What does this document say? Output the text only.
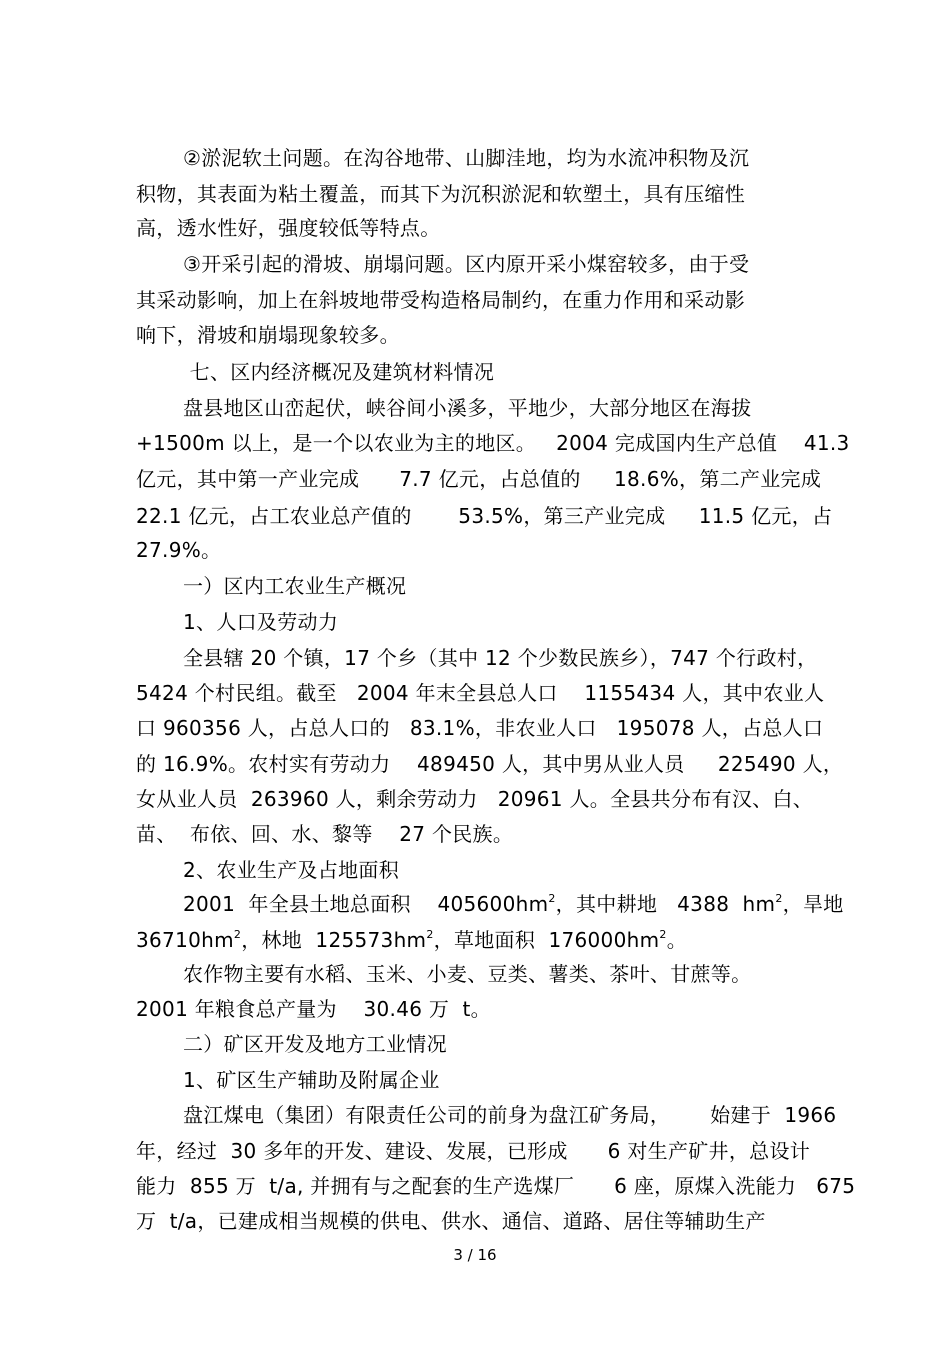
②淤泥软土问题。在沟谷地带、山脚洼地，均为水流冲积物及沉
积物，其表面为粘土覆盖，而其下为沉积淤泥和软塑土，具有压缩性
高，透水性好，强度较低等特点。
③开采引起的滑坡、崩塌问题。区内原开采小煤窑较多，由于受
其采动影响，加上在斜坡地带受构造格局制约，在重力作用和采动影
响下，滑坡和崩塌现象较多。
七、区内经济概况及建筑材料情况
盘县地区山峦起伏，峡谷间小溪多，平地少，大部分地区在海拔
+1500m 以上，是一个以农业为主的地区。   2004 完成国内生产总值    41.3
亿元，其中第一产业完成      7.7 亿元，占总值的     18.6%，第二产业完成
22.1 亿元，占工农业总产值的       53.5%，第三产业完成     11.5 亿元，占
27.9%。
一）区内工农业生产概况
1、人口及劳动力
全县辖 20 个镇，17 个乡（其中 12 个少数民族乡），747 个行政村，
5424 个村民组。截至   2004 年末全县总人口    1155434 人，其中农业人
口 960356 人，占总人口的   83.1%，非农业人口   195078 人，占总人口
的 16.9%。农村实有劳动力    489450 人，其中男从业人员     225490 人，
女从业人员  263960 人，剩余劳动力   20961 人。全县共分布有汉、白、
苗、  布依、回、水、黎等    27 个民族。
2、农业生产及占地面积
2001  年全县土地总面积    $405600hm^2$，其中耕地   4388  $hm^2$，旱地
$36710hm^2$，林地  $125573hm^2$，草地面积  $176000hm^2$。
农作物主要有水稻、玉米、小麦、豆类、薯类、茶叶、甘蔗等。
2001 年粮食总产量为    30.46 万  t。
二）矿区开发及地方工业情况
1、矿区生产辅助及附属企业
盘江煤电（集团）有限责任公司的前身为盘江矿务局，      始建于  1966
年，经过  30 多年的开发、建设、发展，已形成      6 对生产矿井，总设计
能力  855 万  t/a, 并拥有与之配套的生产选煤厂      6 座，原煤入洗能力   675
万  t/a，已建成相当规模的供电、供水、通信、道路、居住等辅助生产
3 / 16
